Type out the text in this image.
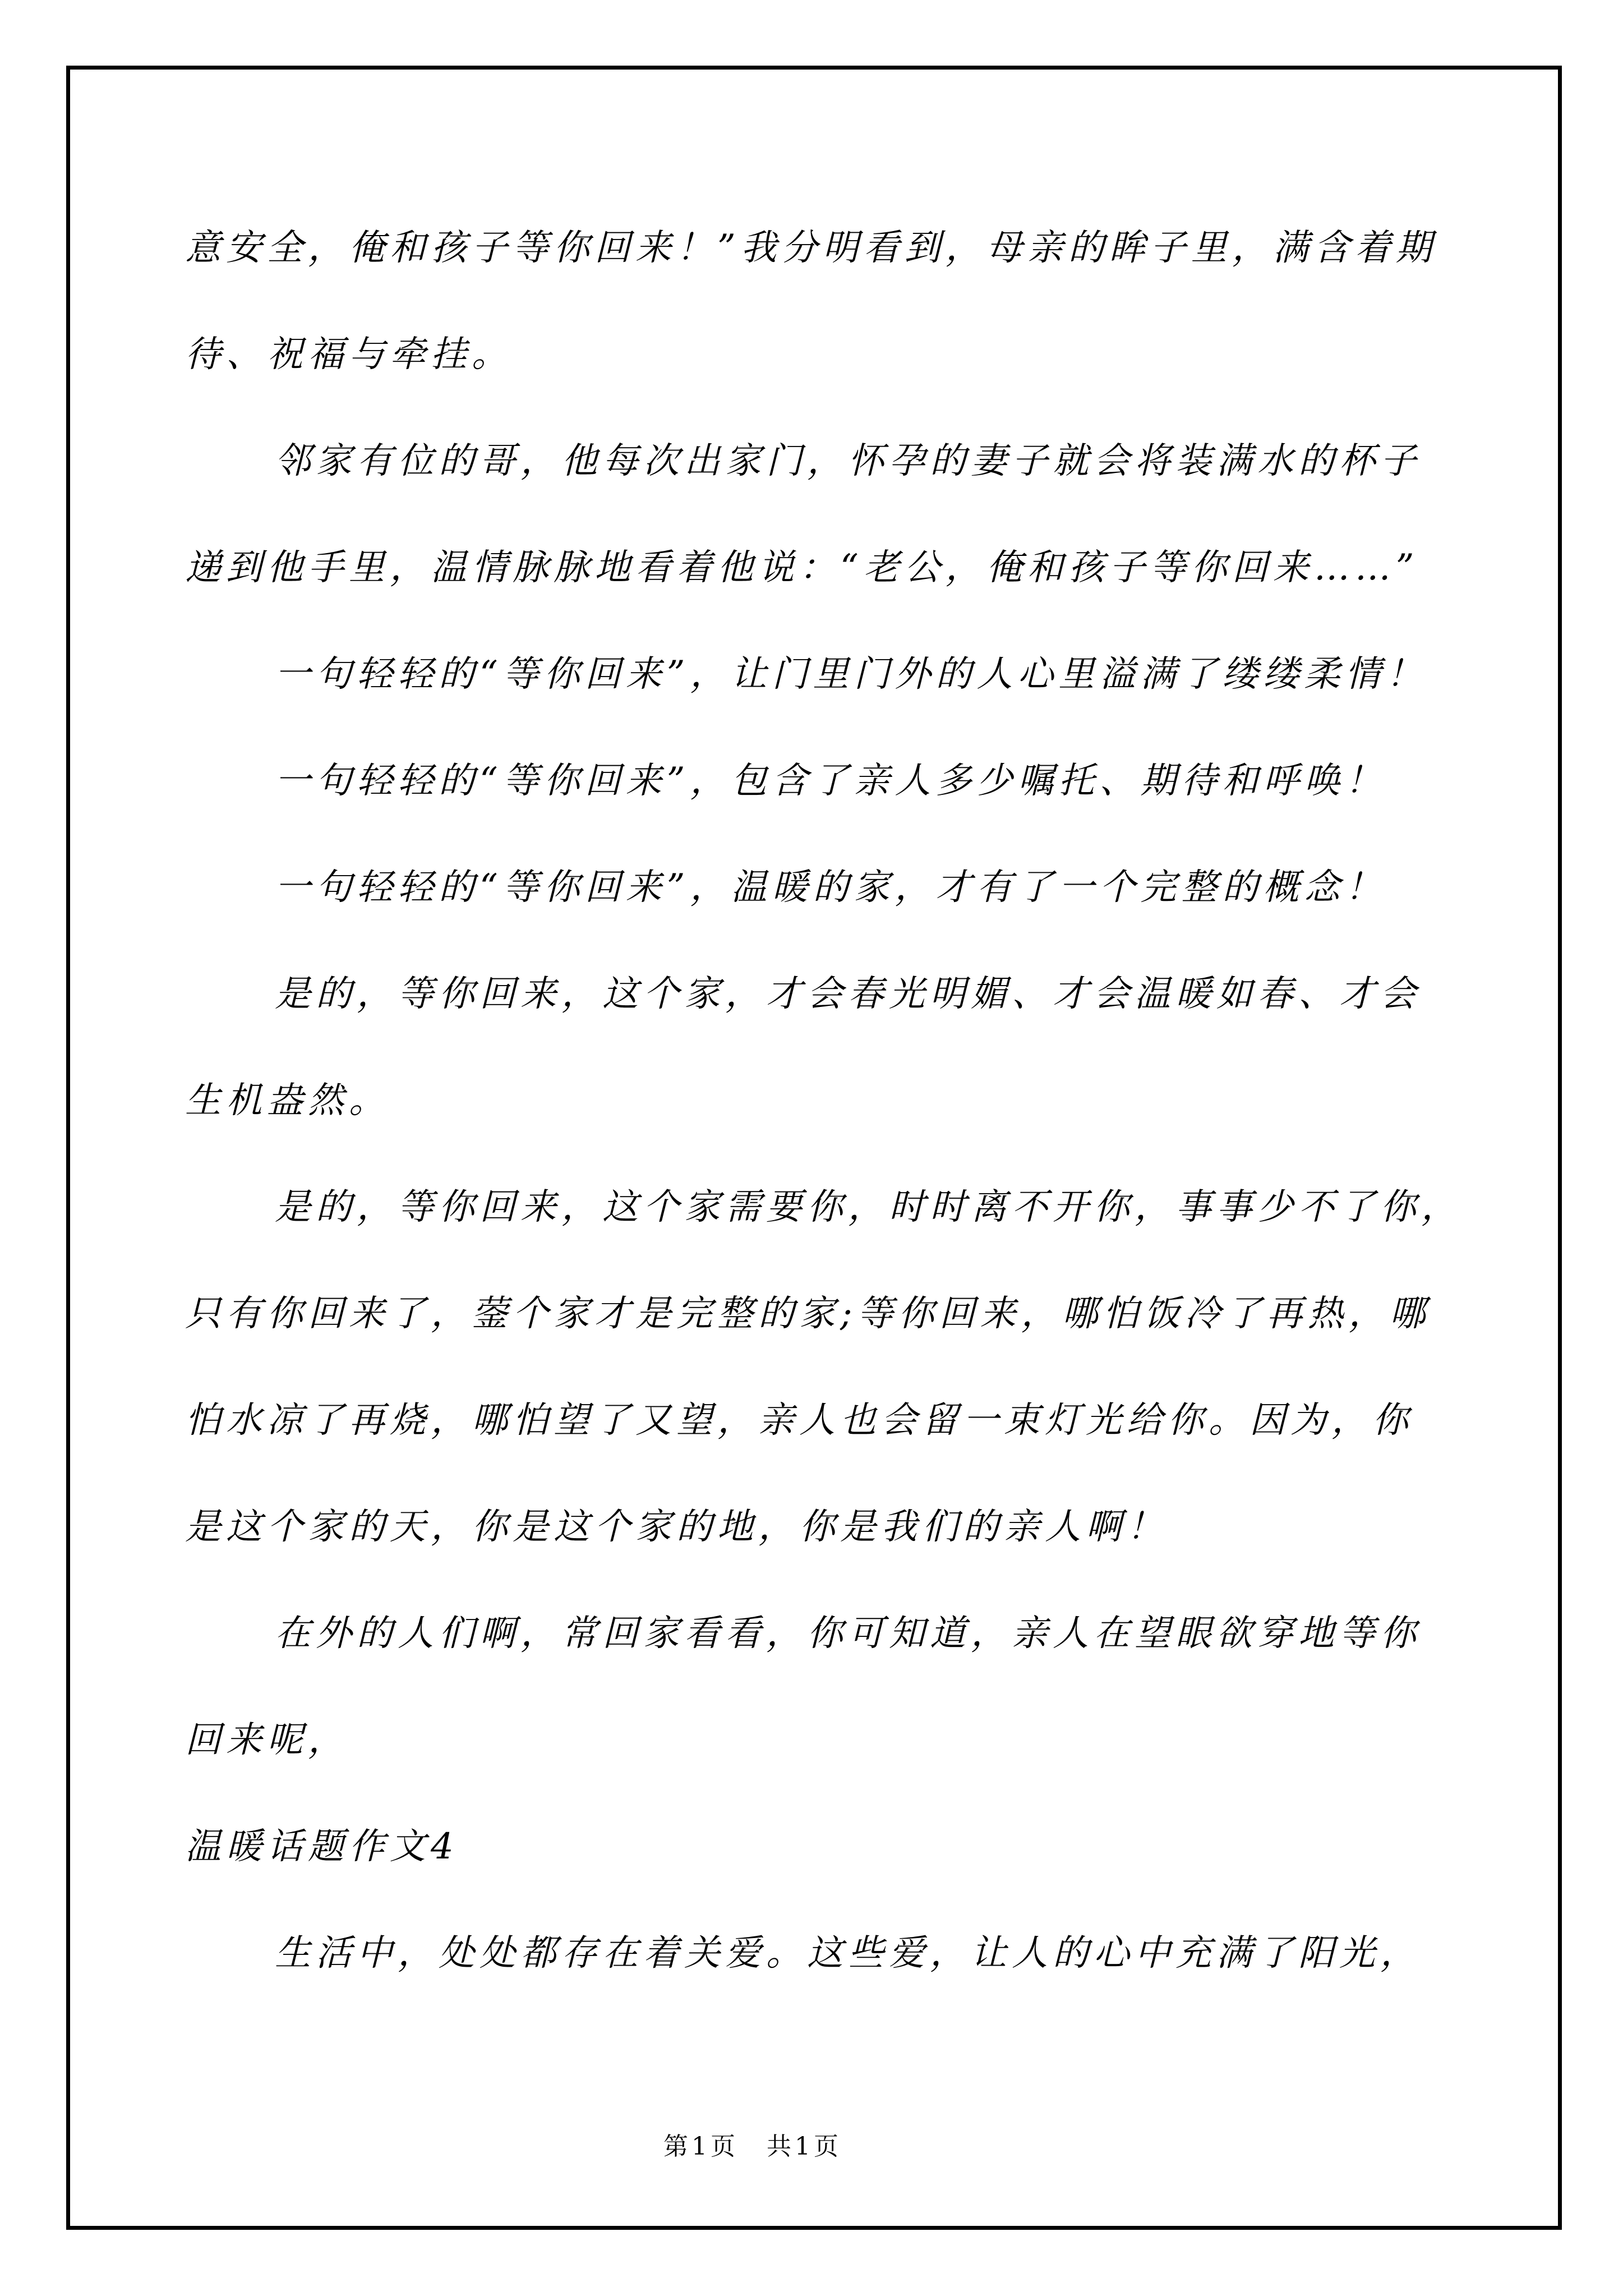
意安全，俺和孩子等你回来！”我分明看到，母亲的眸子里，满含着期
待、祝福与牵挂。
邻家有位的哥，他每次出家门，怀孕的妻子就会将装满水的杯子
递到他手里，温情脉脉地看着他说：“老公，俺和孩子等你回来……”
一句轻轻的“等你回来”，让门里门外的人心里溢满了缕缕柔情！
一句轻轻的“等你回来”，包含了亲人多少嘱托、期待和呼唤！
一句轻轻的“等你回来”，温暖的家，才有了一个完整的概念！
是的，等你回来，这个家，才会春光明媚、才会温暖如春、才会
生机盎然。
是的，等你回来，这个家需要你，时时离不开你，事事少不了你，
只有你回来了，蓥个家才是完整的家;等你回来，哪怕饭冷了再热，哪
怕水凉了再烧，哪怕望了又望，亲人也会留一束灯光给你。因为，你
是这个家的天，你是这个家的地，你是我们的亲人啊！
在外的人们啊，常回家看看，你可知道，亲人在望眼欲穿地等你
回来呢，
温暖话题作文4
生活中，处处都存在着关爱。这些爱，让人的心中充满了阳光，
第1页　共1页
